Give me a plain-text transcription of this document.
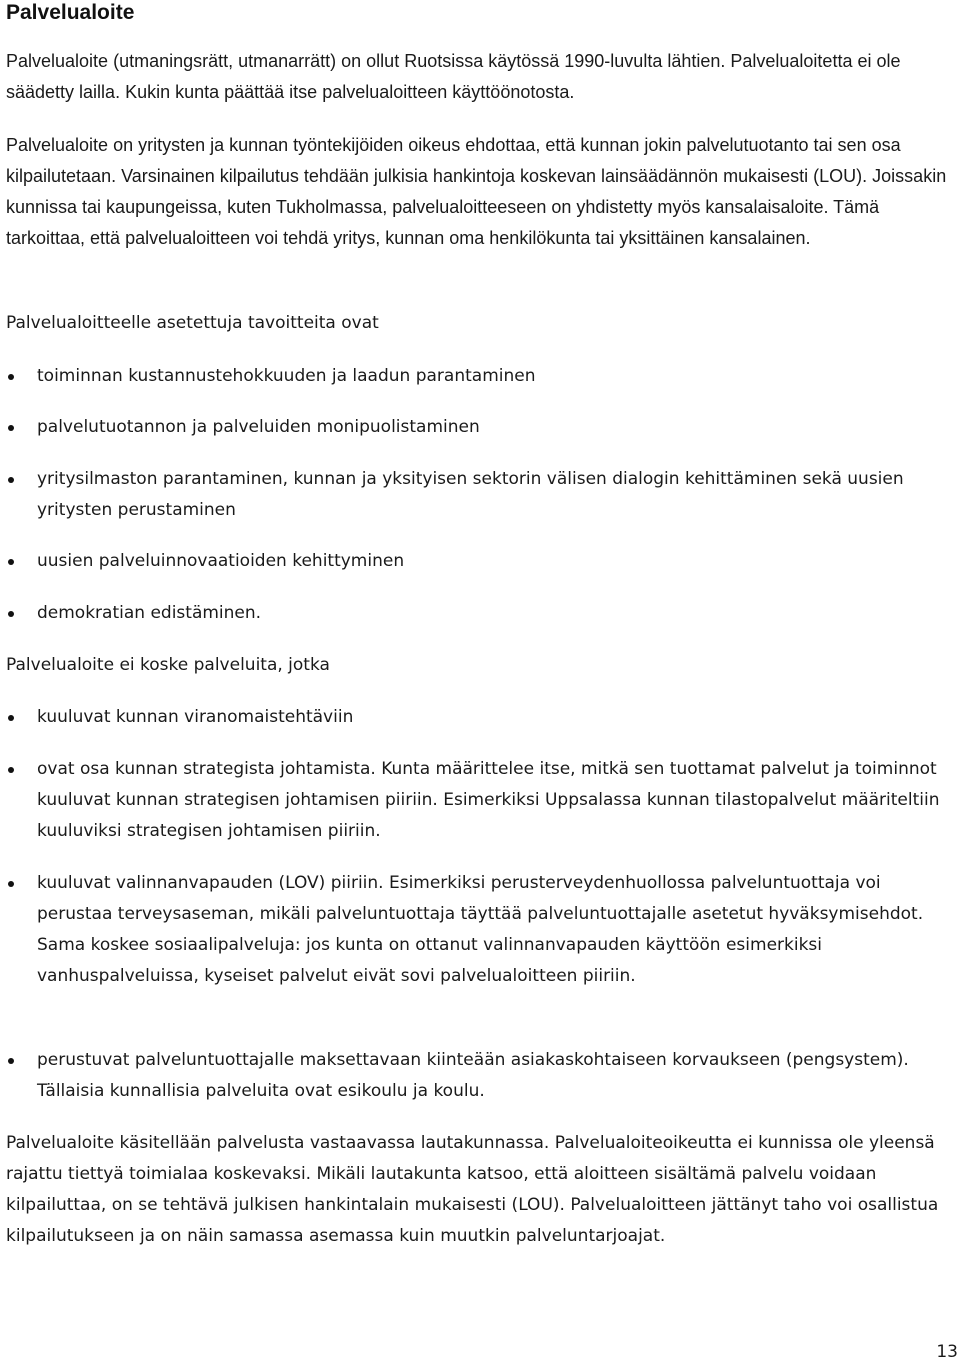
Palvelualoite

Palvelualoite (utmaningsrätt, utmanarrätt) on ollut Ruotsissa käytössä 1990-luvulta lähtien. Palvelualoitetta ei ole säädetty lailla. Kukin kunta päättää itse palvelualoitteen käyttöönotosta.

Palvelualoite on yritysten ja kunnan työntekijöiden oikeus ehdottaa, että kunnan jokin palvelutuotanto tai sen osa kilpailutetaan. Varsinainen kilpailutus tehdään julkisia hankintoja koskevan lainsäädännön mukaisesti (LOU). Joissakin kunnissa tai kaupungeissa, kuten Tukholmassa, palvelualoitteeseen on yhdistetty myös kansalaisaloite. Tämä tarkoittaa, että palvelualoitteen voi tehdä yritys, kunnan oma henkilökunta tai yksittäinen kansalainen.

Palvelualoitteelle asetettuja tavoitteita ovat

toiminnan kustannustehokkuuden ja laadun parantaminen
palvelutuotannon ja palveluiden monipuolistaminen
yritysilmaston parantaminen, kunnan ja yksityisen sektorin välisen dialogin kehittäminen sekä uusien yritysten perustaminen
uusien palveluinnovaatioiden kehittyminen
demokratian edistäminen.

Palvelualoite ei koske palveluita, jotka

kuuluvat kunnan viranomaistehtäviin
ovat osa kunnan strategista johtamista. Kunta määrittelee itse, mitkä sen tuottamat palvelut ja toiminnot kuuluvat kunnan strategisen johtamisen piiriin. Esimerkiksi Uppsalassa kunnan tilastopalvelut määriteltiin kuuluviksi strategisen johtamisen piiriin.
kuuluvat valinnanvapauden (LOV) piiriin. Esimerkiksi perusterveydenhuollossa palveluntuottaja voi perustaa terveysaseman, mikäli palveluntuottaja täyttää palveluntuottajalle asetetut hyväksymisehdot. Sama koskee sosiaalipalveluja: jos kunta on ottanut valinnanvapauden käyttöön esimerkiksi vanhuspalveluissa, kyseiset palvelut eivät sovi palvelualoitteen piiriin.
perustuvat palveluntuottajalle maksettavaan kiinteään asiakaskohtaiseen korvaukseen (pengsystem). Tällaisia kunnallisia palveluita ovat esikoulu ja koulu.

Palvelualoite käsitellään palvelusta vastaavassa lautakunnassa. Palvelualoiteoikeutta ei kunnissa ole yleensä rajattu tiettyä toimialaa koskevaksi. Mikäli lautakunta katsoo, että aloitteen sisältämä palvelu voidaan kilpailuttaa, on se tehtävä julkisen hankintalain mukaisesti (LOU). Palvelualoitteen jättänyt taho voi osallistua kilpailutukseen ja on näin samassa asemassa kuin muutkin palveluntarjoajat.

13
